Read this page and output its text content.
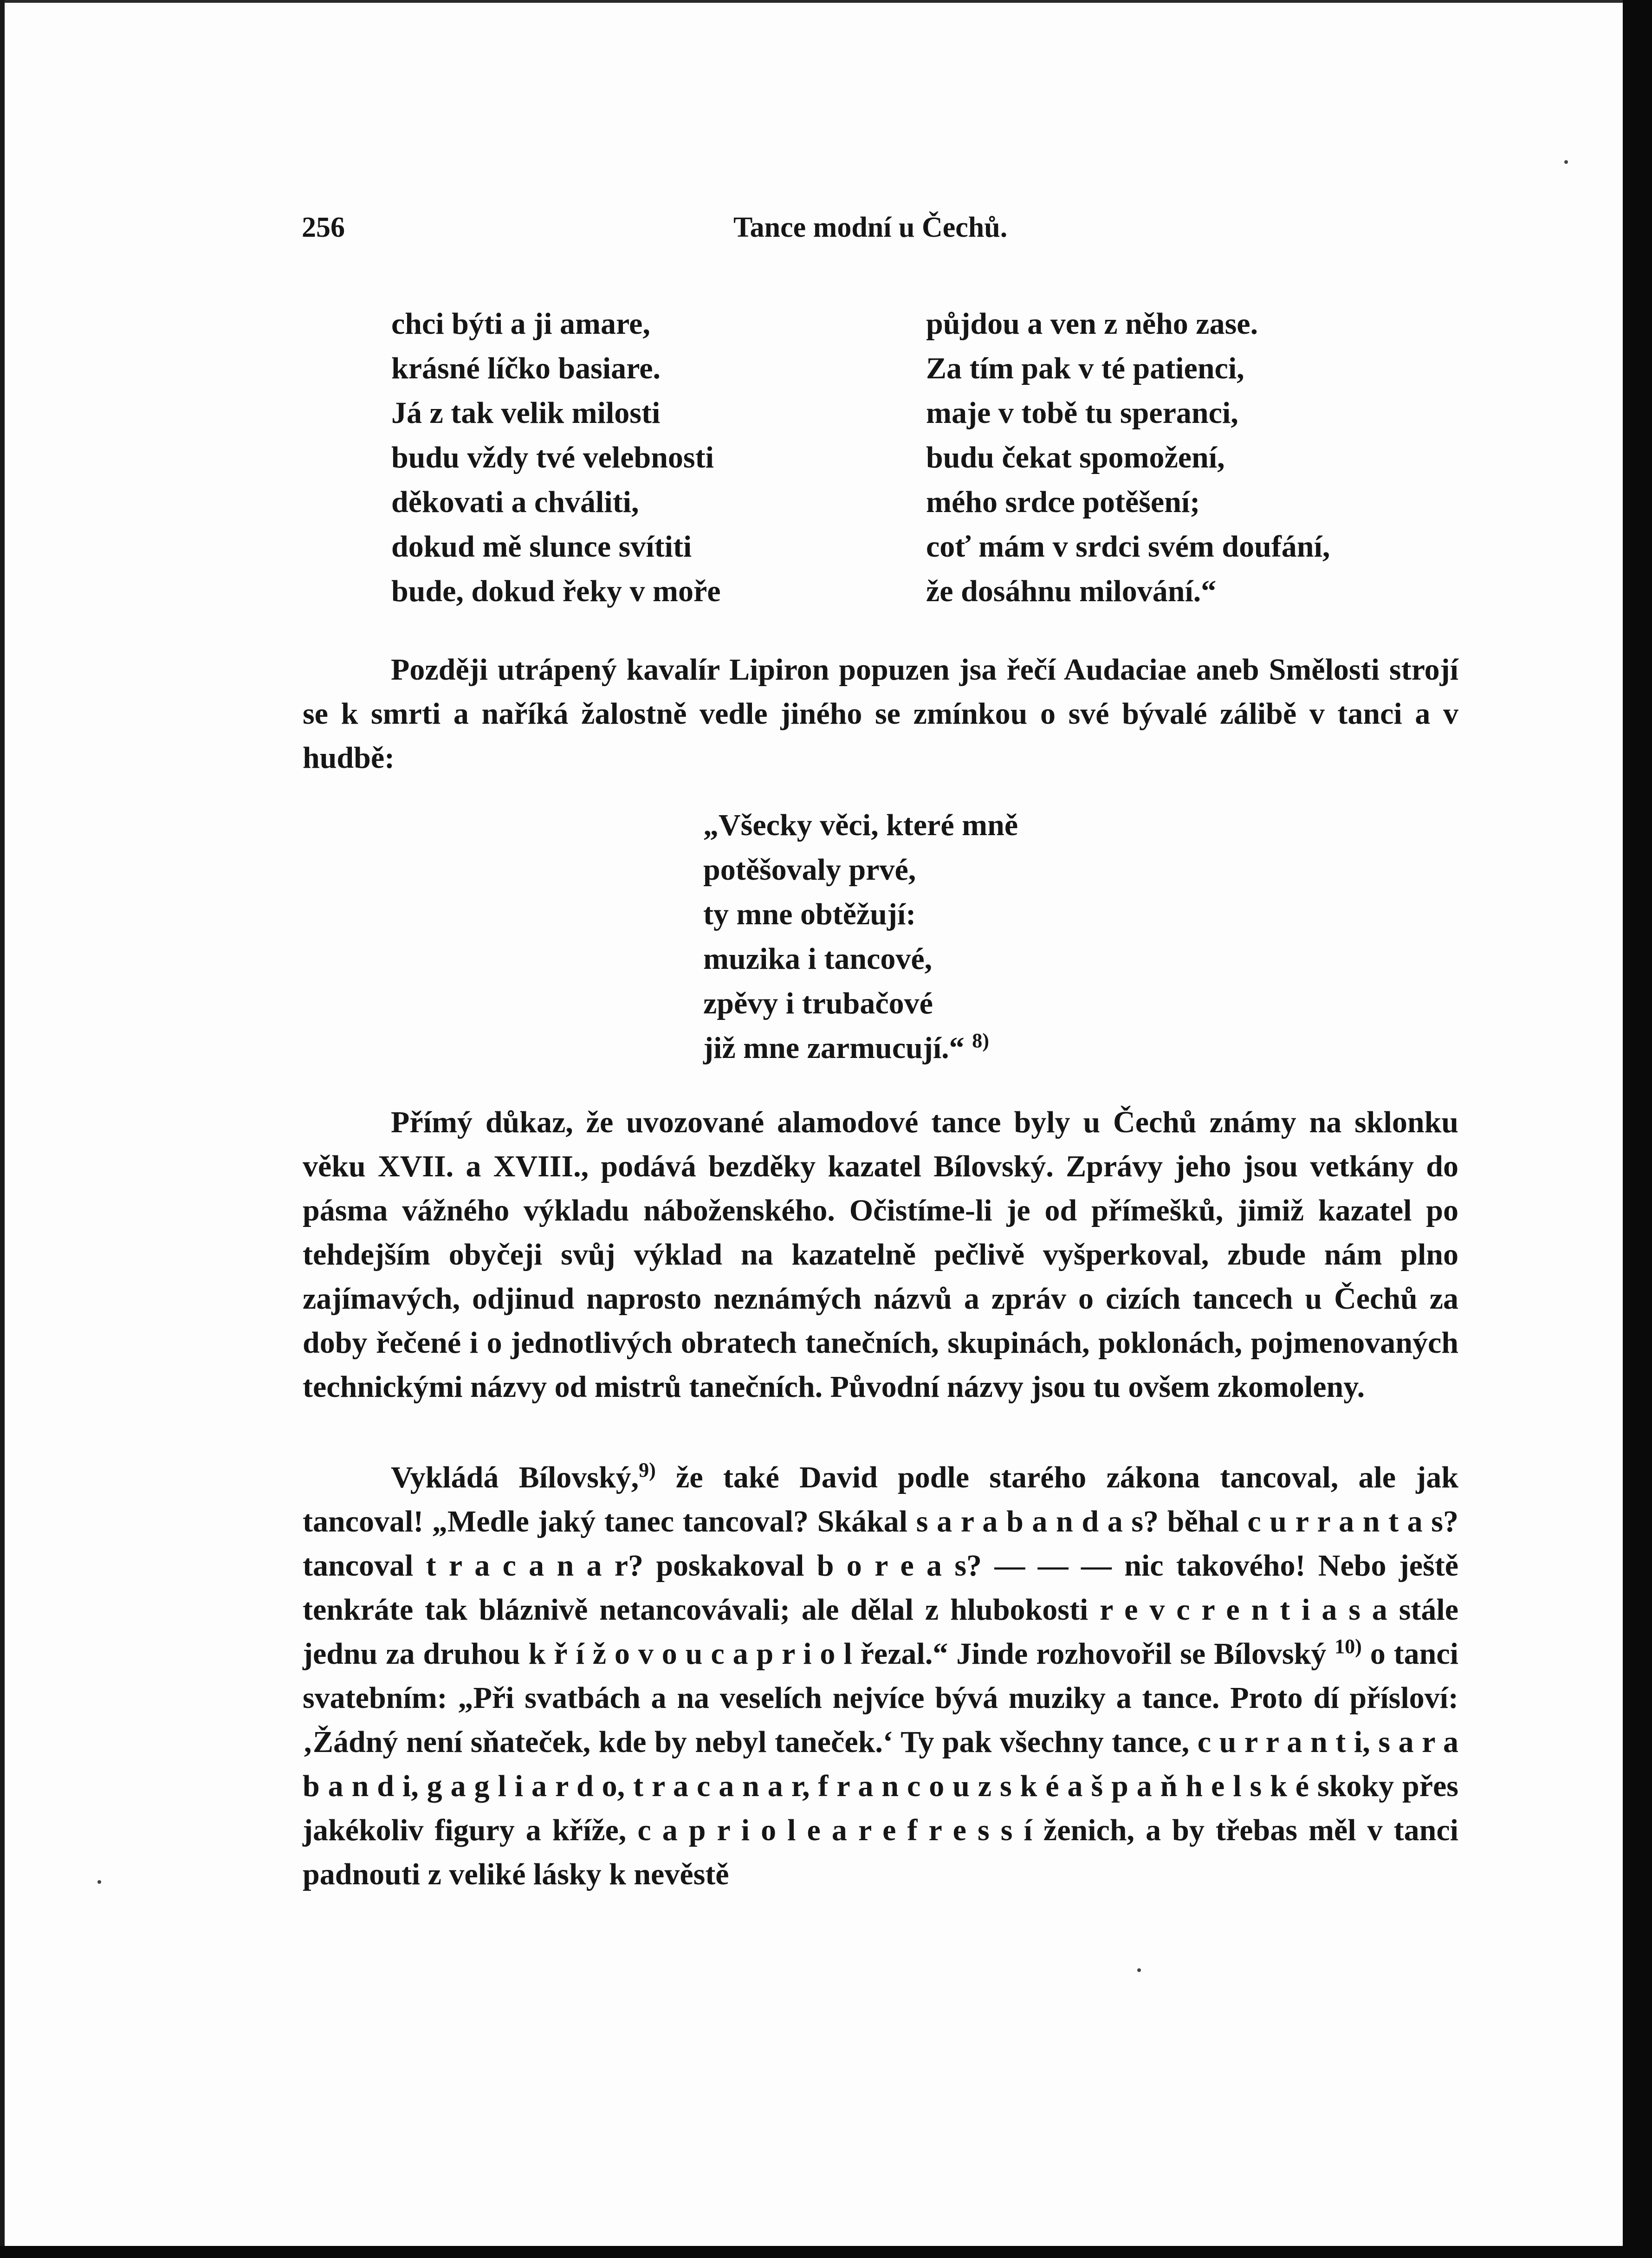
256	Tance modní u Čechů.
chci býti a ji amare,
krásné líčko basiare.
Já z tak velik milosti
budu vždy tvé velebnosti
děkovati a chváliti,
dokud mě slunce svítiti
bude, dokud řeky v moře
půjdou a ven z něho zase.
Za tím pak v té patienci,
maje v tobě tu speranci,
budu čekat spomožení,
mého srdce potěšení;
coť mám v srdci svém doufání,
že dosáhnu milování.“
Později utrápený kavalír Lipiron popuzen jsa řečí Audaciae aneb Smělosti strojí se k smrti a naříká žalostně vedle jiného se zmínkou o své bývalé zálibě v tanci a v hudbě:
„Všecky věci, které mně
potěšovaly prvé,
ty mne obtěžují:
muzika i tancové,
zpěvy i trubačové
již mne zarmucují.“ $^{8)}$
Přímý důkaz, že uvozované alamodové tance byly u Čechů známy na sklonku věku XVII. a XVIII., podává bezděky kazatel Bílovský. Zprávy jeho jsou vetkány do pásma vážného výkladu náboženského. Očistíme-li je od přímešků, jimiž kazatel po tehdejším obyčeji svůj výklad na kazatelně pečlivě vyšperkoval, zbude nám plno zajímavých, odjinud naprosto neznámých názvů a zpráv o cizích tancech u Čechů za doby řečené i o jednotlivých obratech tanečních, skupinách, poklonách, pojmenovaných technickými názvy od mistrů tanečních. Původní názvy jsou tu ovšem zkomoleny.
Vykládá Bílovský,$^{9)}$ že také David podle starého zákona tancoval, ale jak tancoval! „Medle jaký tanec tancoval? Skákal s a r a b a n d a s? běhal c u r r a n t a s? tancoval t r a c a n a r? poskakoval b o r e a s? — — — nic takového! Nebo ještě tenkráte tak bláznivě netancovávali; ale dělal z hlubokosti r e v c r e n t i a s a stále jednu za druhou k ř í ž o v o u c a p r i o l řezal.“ Jinde rozhovořil se Bílovský $^{10)}$ o tanci svatebním: „Při svatbách a na veselích nejvíce bývá muziky a tance. Proto dí přísloví: ‚Žádný není sňateček, kde by nebyl taneček.‘ Ty pak všechny tance, c u r r a n t i, s a r a b a n d i, g a g l i a r d o, t r a c a n a r, f r a n c o u z s k é a š p a ň h e l s k é skoky přes jakékoliv figury a kříže, c a p r i o l e a r e f r e s s í ženich, a by třebas měl v tanci padnouti z veliké lásky k nevěstě
